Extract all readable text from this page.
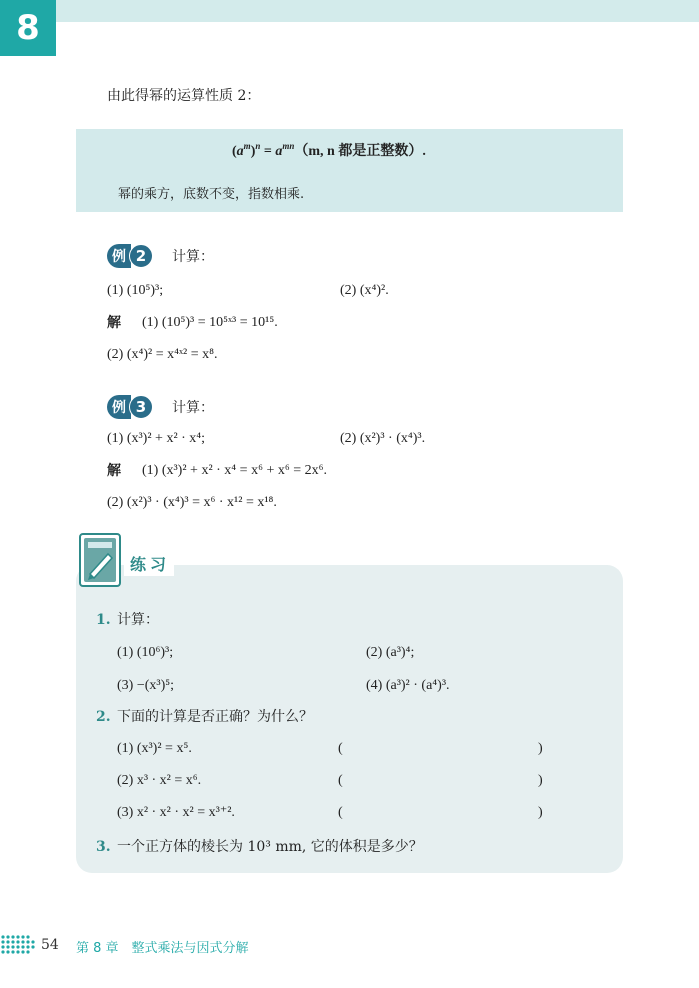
8
由此得幂的运算性质 2：
$(a^m)^n = a^{mn}(m$, n 都是正整数）.
幂的乘方，底数不变，指数相乘.
例 2	计算：
(1) (10⁵)³;	(2) (x⁴)².
解 (1) (10⁵)³ = 10⁵ˣ³ = 10¹⁵.
(2) (x⁴)² = x⁴ˣ² = x⁸.
例 3	计算：
(1) (x³)² + x² · x⁴;	(2) (x²)³ · (x⁴)³.
解 (1) (x³)² + x² · x⁴ = x⁶ + x⁶ = 2x⁶.
(2) (x²)³ · (x⁴)³ = x⁶ · x¹² = x¹⁸.
练习
1. 计算：
(1) (10⁶)³;	(2) (a³)⁴;
(3) −(x³)⁵;	(4) (a³)² · (a⁴)³.
2. 下面的计算是否正确？为什么？
(1) (x³)² = x⁵.	(	)
(2) x³ · x² = x⁶.	(	)
(3) x² · x² · x² = x³⁺².	(	)
3. 一个正方体的棱长为 10³ mm, 它的体积是多少？
54 第 8 章　整式乘法与因式分解
